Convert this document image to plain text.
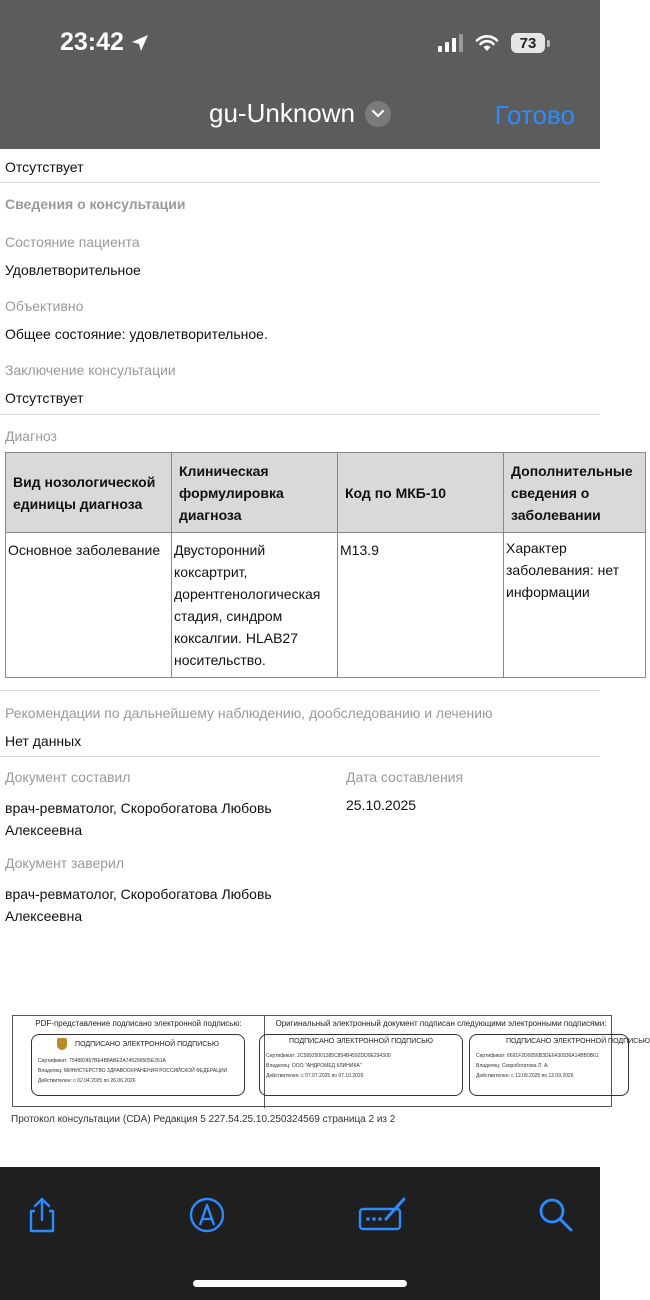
23:42	73
gu-Unknown	Готово
Отсутствует
Сведения о консультации
Состояние пациента
Удовлетворительное
Объективно
Общее состояние: удовлетворительное.
Заключение консультации
Отсутствует
Диагноз
Вид нозологической единицы диагноза	Клиническая формулировка диагноза	Код по МКБ-10	Дополнительные сведения о заболевании
Основное заболевание	Двусторонний коксартрит, дорентгенологическая стадия, синдром коксалгии. HLAB27 носительство.	M13.9	Характер заболевания: нет информации
Рекомендации по дальнейшему наблюдению, дообследованию и лечению
Нет данных
Документ составил
врач-ревматолог, Скоробогатова Любовь Алексеевна
Дата составления
25.10.2025
Документ заверил
врач-ревматолог, Скоробогатова Любовь Алексеевна
PDF-представление подписано электронной подписью:
ПОДПИСАНО ЭЛЕКТРОННОЙ ПОДПИСЬЮ
Сертификат: 754882457BE4B8ABE2A745296505E261A
Владелец: МИНИСТЕРСТВО ЗДРАВООХРАНЕНИЯ РОССИЙСКОЙ ФЕДЕРАЦИИ
Действителен: с 02.04.2025 по 26.06.2026
Оригинальный электронный документ подписан следующими электронными подписями:
ПОДПИСАНО ЭЛЕКТРОННОЙ ПОДПИСЬЮ
Сертификат: 2C58925001385C854B4592DD0E294300
Владелец: ООО "АНДРОМЕД КЛИНИКА"
Действителен: с 07.07.2025 по 07.10.2026
ПОДПИСАНО ЭЛЕКТРОННОЙ ПОДПИСЬЮ
Сертификат: 6691F2D0056B3DE6430936A14BB0B61
Владелец: Скоробогатова Л. А.
Действителен: с 12.09.2025 по 12.09.2026
Протокол консультации (CDA) Редакция 5 227.54.25.10.250324569 страница 2 из 2
